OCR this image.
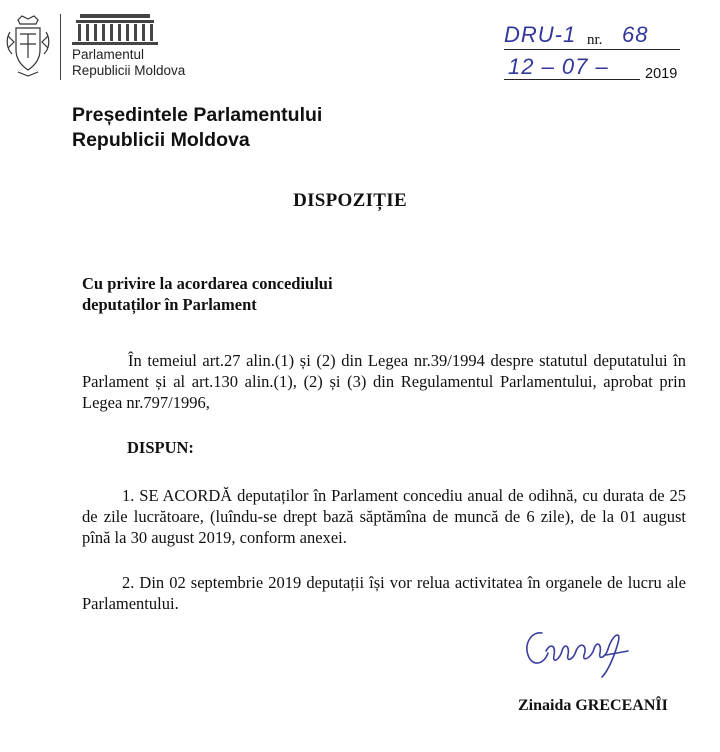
Parlamentul
Republicii Moldova
DRU-1 nr. 68
12 – 07 –	2019
Președintele Parlamentului
Republicii Moldova
DISPOZIȚIE
Cu privire la acordarea concediului
deputaților în Parlament
În temeiul art.27 alin.(1) și (2) din Legea nr.39/1994 despre statutul deputatului în Parlament și al art.130 alin.(1), (2) și (3) din Regulamentul Parlamentului, aprobat prin Legea nr.797/1996,
DISPUN:
1. SE ACORDĂ deputaților în Parlament concediu anual de odihnă, cu durata de 25 de zile lucrătoare, (luîndu-se drept bază săptămîna de muncă de 6 zile), de la 01 august pînă la 30 august 2019, conform anexei.
2. Din 02 septembrie 2019 deputații își vor relua activitatea în organele de lucru ale Parlamentului.
Zinaida GRECEANÎI
